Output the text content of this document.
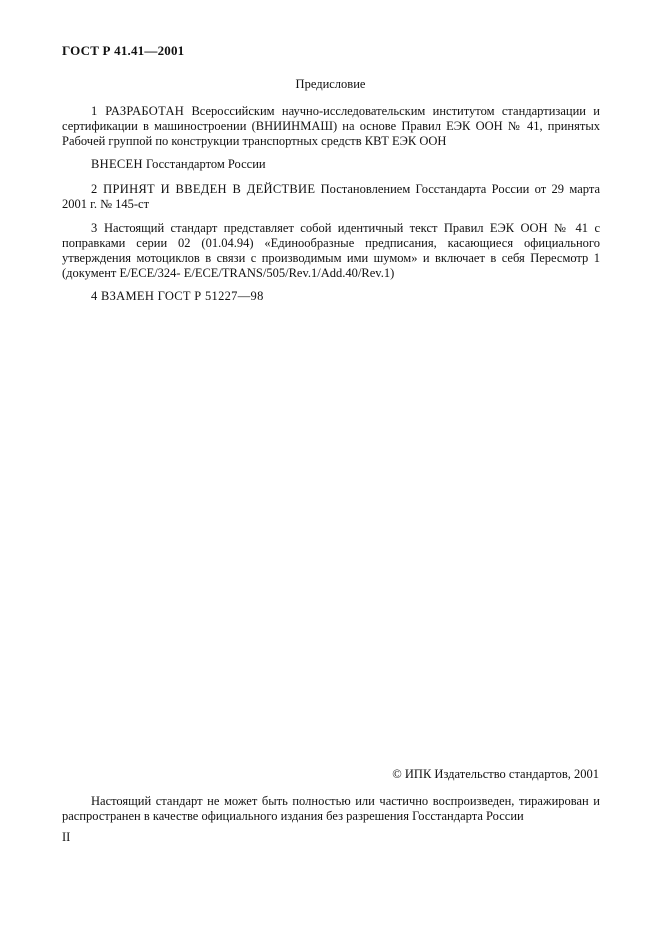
ГОСТ Р 41.41—2001
Предисловие
1 РАЗРАБОТАН Всероссийским научно-исследовательским институтом стандартизации и сертификации в машиностроении (ВНИИНМАШ) на основе Правил ЕЭК ООН № 41, принятых Рабочей группой по конструкции транспортных средств КВТ ЕЭК ООН
ВНЕСЕН Госстандартом России
2 ПРИНЯТ И ВВЕДЕН В ДЕЙСТВИЕ Постановлением Госстандарта России от 29 марта 2001 г. № 145-ст
3 Настоящий стандарт представляет собой идентичный текст Правил ЕЭК ООН № 41 с поправками серии 02 (01.04.94) «Единообразные предписания, касающиеся официального утверждения мотоциклов в связи с производимым ими шумом» и включает в себя Пересмотр 1 (документ E/ECE/324- E/ECE/TRANS/505/Rev.1/Add.40/Rev.1)
4 ВЗАМЕН ГОСТ Р 51227—98
© ИПК Издательство стандартов, 2001
Настоящий стандарт не может быть полностью или частично воспроизведен, тиражирован и распространен в качестве официального издания без разрешения Госстандарта России
II
